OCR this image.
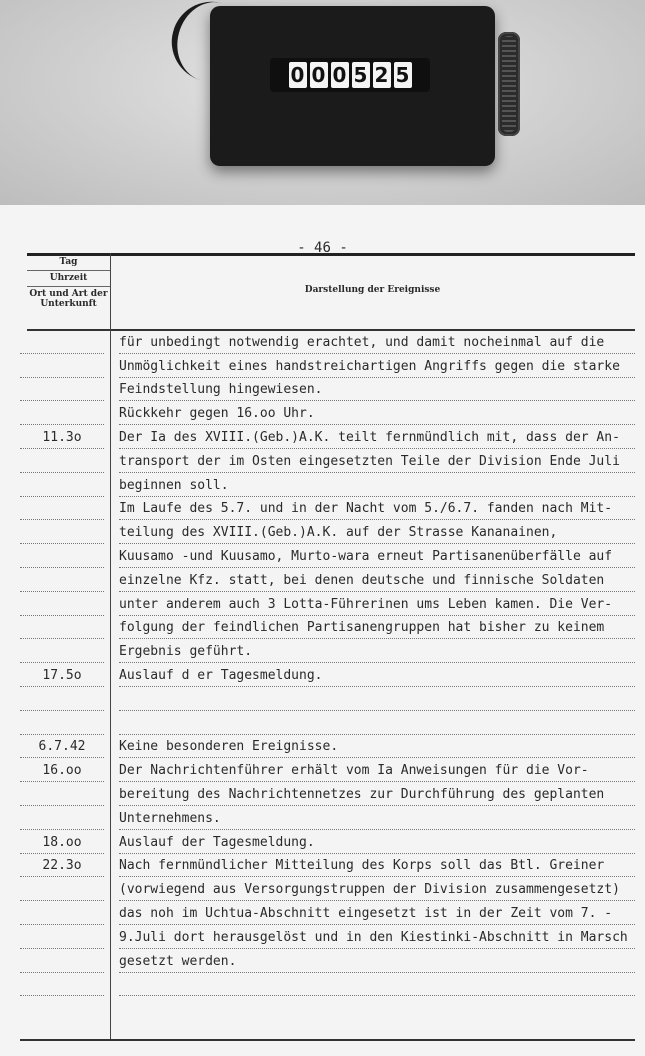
0 0 0 5 2 5
- 46 -
Tag
Uhrzeit
Ort und Art der Unterkunft
Darstellung der Ereignisse
für unbedingt notwendig erachtet, und damit nocheinmal auf die
Unmöglichkeit eines handstreichartigen Angriffs gegen die starke
Feindstellung hingewiesen.
Rückkehr gegen 16.oo Uhr.
11.3o	Der Ia des XVIII.(Geb.)A.K. teilt fernmündlich mit, dass der An-
transport der im Osten eingesetzten Teile der Division Ende Juli
beginnen soll.
Im Laufe des 5.7. und in der Nacht vom 5./6.7. fanden nach Mit-
teilung des XVIII.(Geb.)A.K. auf der Strasse Kananainen,
Kuusamo -und Kuusamo, Murto-wara erneut Partisanenüberfälle auf
einzelne Kfz. statt, bei denen deutsche und finnische Soldaten
unter anderem auch 3 Lotta-Führerinen ums Leben kamen. Die Ver-
folgung der feindlichen Partisanengruppen hat bisher zu keinem
Ergebnis geführt.
17.5o	Auslauf d er Tagesmeldung.
6.7.42	Keine besonderen Ereignisse.
16.oo	Der Nachrichtenführer erhält vom Ia Anweisungen für die Vor-
bereitung des Nachrichtennetzes zur Durchführung des geplanten
Unternehmens.
18.oo	Auslauf der Tagesmeldung.
22.3o	Nach fernmündlicher Mitteilung des Korps soll das Btl. Greiner
(vorwiegend aus Versorgungstruppen der Division zusammengesetzt)
das noh im Uchtua-Abschnitt eingesetzt ist in der Zeit vom 7. -
9.Juli dort herausgelöst und in den Kiestinki-Abschnitt in Marsch
gesetzt werden.
